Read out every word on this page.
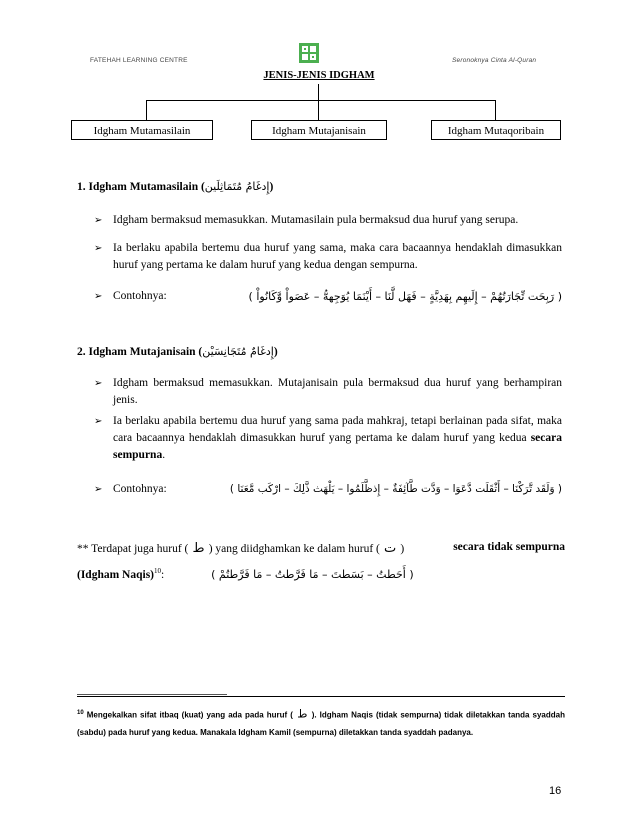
FATEHAH LEARNING CENTRE	Seronoknya Cinta Al-Quran
JENIS-JENIS IDGHAM
Idgham Mutamasilain	Idgham Mutajanisain	Idgham Mutaqoribain
1. Idgham Mutamasilain (إِدغَامُ مُتَمَاثِلَين)
➢ Idgham bermaksud memasukkan. Mutamasilain pula bermaksud dua huruf yang serupa.
➢ Ia berlaku apabila bertemu dua huruf yang sama, maka cara bacaannya hendaklah dimasukkan huruf yang pertama ke dalam huruf yang kedua dengan sempurna.
➢ Contohnya:	( رَبِحَت تِّجَارَتُهُمْ – إِلَيهِم بِهَدِيَّةٍ – فَهَل لَّنَا – أَيْنَمَا يُوَجِههُّ – عَصَواْ وَّكَانُواْ )
2. Idgham Mutajanisain (إِدغَامٌ مُتَجَانِسَيْن)
➢ Idgham bermaksud memasukkan. Mutajanisain pula bermaksud dua huruf yang berhampiran jenis.
➢ Ia berlaku apabila bertemu dua huruf yang sama pada mahkraj, tetapi berlainan pada sifat, maka cara bacaannya hendaklah dimasukkan huruf yang pertama ke dalam huruf yang kedua secara sempurna.
➢ Contohnya:	( وَلَقَد تَّرَكْنَا – أَثْقَلَت دَّعَوَا – وَدَّت طَّآئِفَةٌ – إِذظَّلَمُوا – يَلْهَث ذَّلِكَ – ارْكَب مَّعَنَا )
** Terdapat juga huruf ( ط ) yang diidghamkan ke dalam huruf ( ت )	secara tidak sempurna
(Idgham Naqis)$^{10}$:	( أَحَطتُ – بَسَطتَ – مَا فَرَّطتُ – مَا فَرَّطتُمْ )
$^{10}$ Mengekalkan sifat itbaq (kuat) yang ada pada huruf ( ط ). Idgham Naqis (tidak sempurna) tidak diletakkan tanda syaddah (sabdu) pada huruf yang kedua. Manakala Idgham Kamil (sempurna) diletakkan tanda syaddah padanya.
16
